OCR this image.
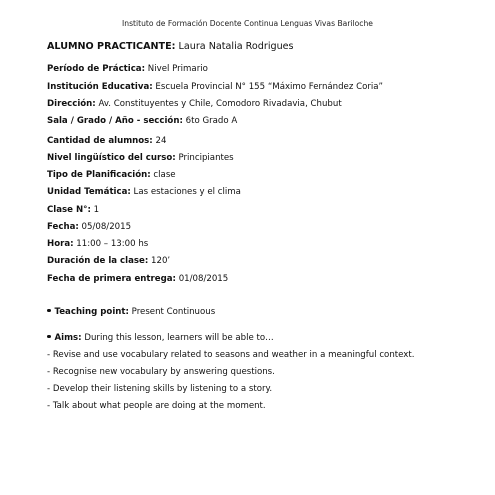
Instituto de Formación Docente Continua Lenguas Vivas Bariloche
ALUMNO PRACTICANTE: Laura Natalia Rodrigues
Período de Práctica: Nivel Primario
Institución Educativa: Escuela Provincial N° 155 “Máximo Fernández Coria”
Dirección: Av. Constituyentes y Chile, Comodoro Rivadavia, Chubut
Sala / Grado / Año - sección: 6to Grado A
Cantidad de alumnos: 24
Nivel lingüístico del curso: Principiantes
Tipo de Planificación: clase
Unidad Temática: Las estaciones y el clima
Clase N°: 1
Fecha: 05/08/2015
Hora: 11:00 – 13:00 hs
Duración de la clase: 120’
Fecha de primera entrega: 01/08/2015
Teaching point: Present Continuous
Aims: During this lesson, learners will be able to…
- Revise and use vocabulary related to seasons and weather in a meaningful context.
- Recognise new vocabulary by answering questions.
- Develop their listening skills by listening to a story.
- Talk about what people are doing at the moment.
